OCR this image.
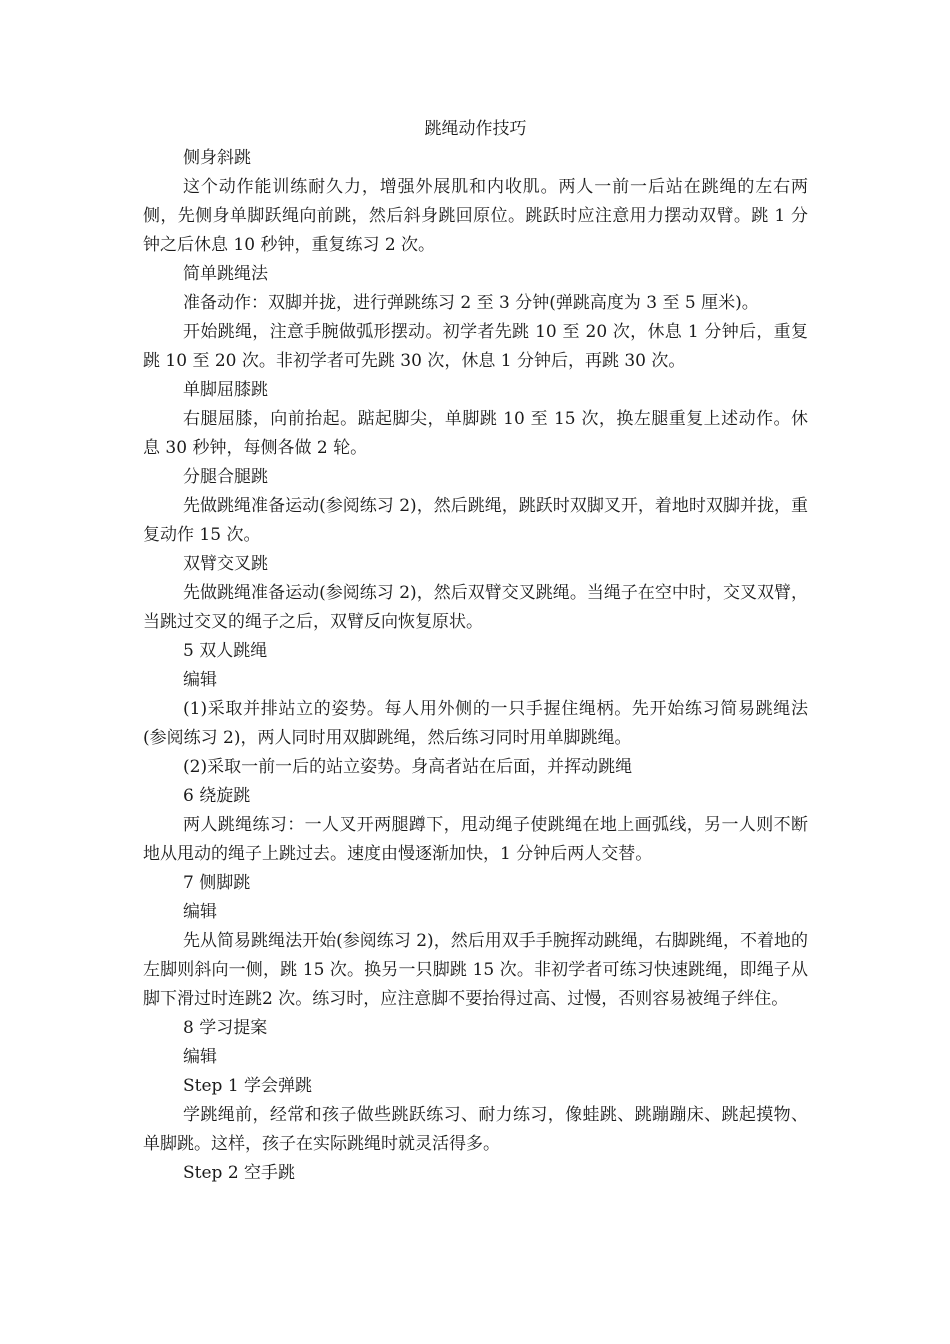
跳绳动作技巧

侧身斜跳

这个动作能训练耐久力，增强外展肌和内收肌。两人一前一后站在跳绳的左右两侧，先侧身单脚跃绳向前跳，然后斜身跳回原位。跳跃时应注意用力摆动双臂。跳 1 分钟之后休息 10 秒钟，重复练习 2 次。

简单跳绳法

准备动作：双脚并拢，进行弹跳练习 2 至 3 分钟(弹跳高度为 3 至 5 厘米)。

开始跳绳，注意手腕做弧形摆动。初学者先跳 10 至 20 次，休息 1 分钟后，重复跳 10 至 20 次。非初学者可先跳 30 次，休息 1 分钟后，再跳 30 次。

单脚屈膝跳

右腿屈膝，向前抬起。踮起脚尖，单脚跳 10 至 15 次，换左腿重复上述动作。休息 30 秒钟，每侧各做 2 轮。

分腿合腿跳

先做跳绳准备运动(参阅练习 2)，然后跳绳，跳跃时双脚叉开，着地时双脚并拢，重复动作 15 次。

双臂交叉跳

先做跳绳准备运动(参阅练习 2)，然后双臂交叉跳绳。当绳子在空中时，交叉双臂，当跳过交叉的绳子之后，双臂反向恢复原状。

5 双人跳绳

编辑

(1)采取并排站立的姿势。每人用外侧的一只手握住绳柄。先开始练习简易跳绳法(参阅练习 2)，两人同时用双脚跳绳，然后练习同时用单脚跳绳。

(2)采取一前一后的站立姿势。身高者站在后面，并挥动跳绳

6 绕旋跳

两人跳绳练习：一人叉开两腿蹲下，甩动绳子使跳绳在地上画弧线，另一人则不断地从甩动的绳子上跳过去。速度由慢逐渐加快，1 分钟后两人交替。

7 侧脚跳

编辑

先从简易跳绳法开始(参阅练习 2)，然后用双手手腕挥动跳绳，右脚跳绳，不着地的左脚则斜向一侧，跳 15 次。换另一只脚跳 15 次。非初学者可练习快速跳绳，即绳子从脚下滑过时连跳2 次。练习时，应注意脚不要抬得过高、过慢，否则容易被绳子绊住。

8 学习提案

编辑

Step 1 学会弹跳

学跳绳前，经常和孩子做些跳跃练习、耐力练习，像蛙跳、跳蹦蹦床、跳起摸物、单脚跳。这样，孩子在实际跳绳时就灵活得多。

Step 2 空手跳
